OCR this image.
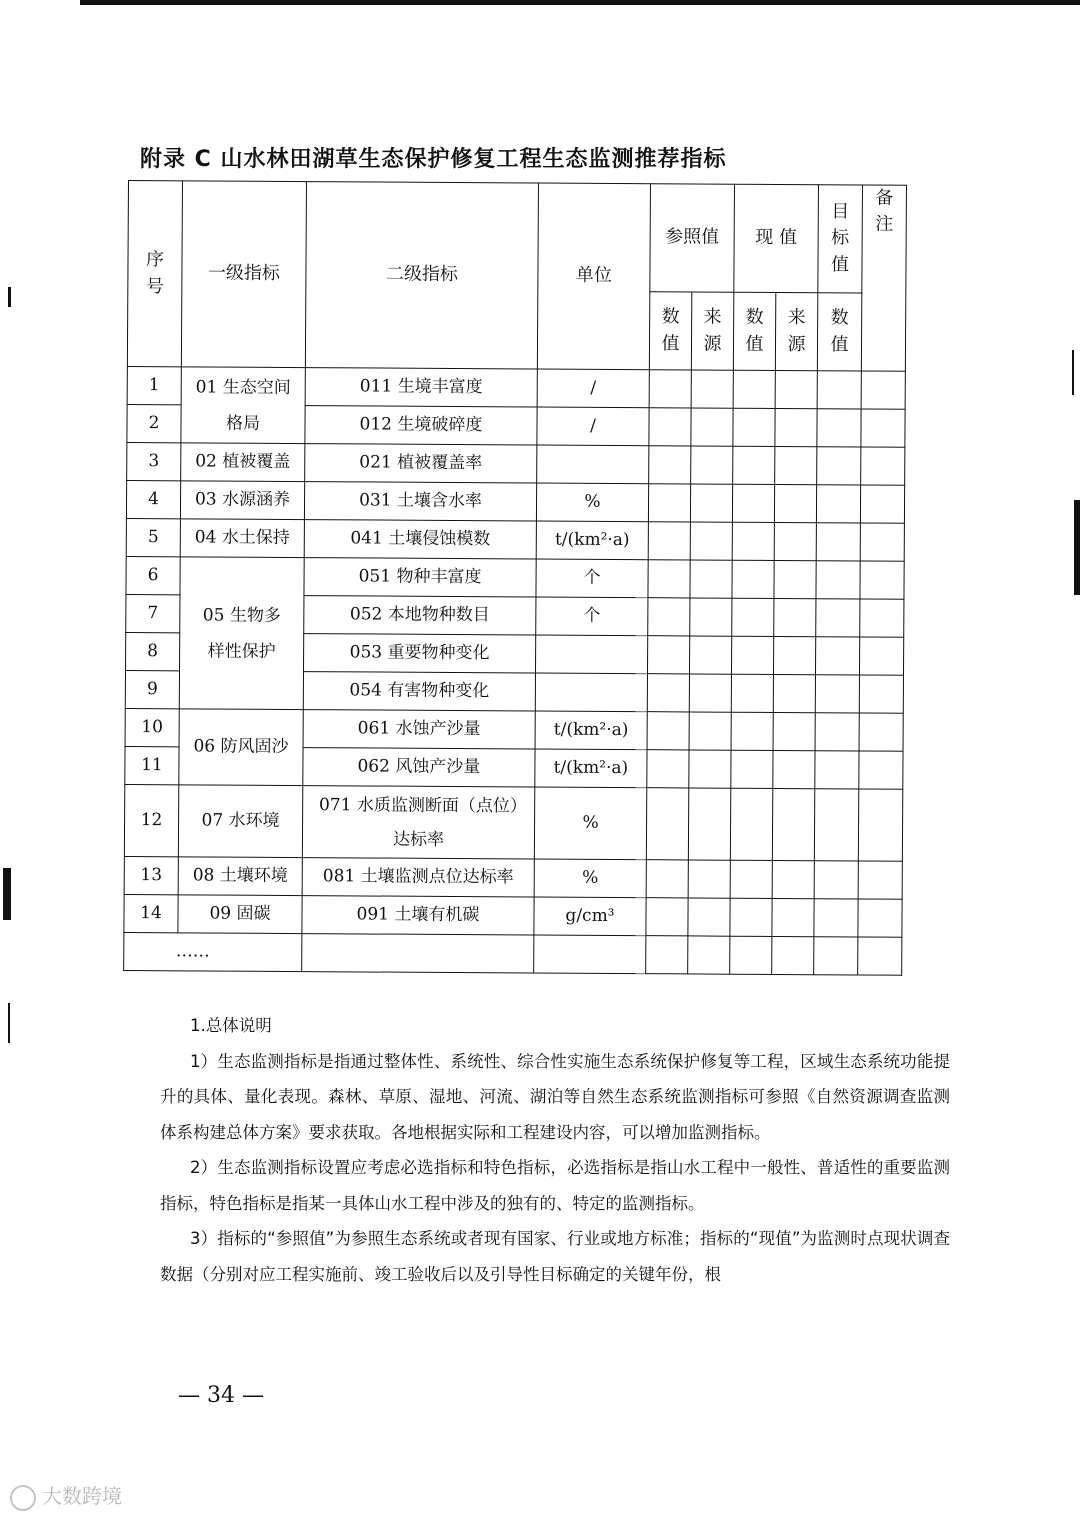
附录 C 山水林田湖草生态保护修复工程生态监测推荐指标
序号	一级指标	二级指标	单位	参照值		现 值		目标值	备注
				数值	来源	数值	来源	数值	
1	01 生态空间格局	011 生境丰富度	/						
2		012 生境破碎度	/						
3	02 植被覆盖	021 植被覆盖率							
4	03 水源涵养	031 土壤含水率	%						
5	04 水土保持	041 土壤侵蚀模数	t/(km²·a)						
6	05 生物多样性保护	051 物种丰富度	个						
7		052 本地物种数目	个						
8		053 重要物种变化							
9		054 有害物种变化							
10	06 防风固沙	061 水蚀产沙量	t/(km²·a)						
11		062 风蚀产沙量	t/(km²·a)						
12	07 水环境	071 水质监测断面（点位）达标率	%						
13	08 土壤环境	081 土壤监测点位达标率	%						
14	09 固碳	091 土壤有机碳	g/cm³						
……									

1.总体说明

1）生态监测指标是指通过整体性、系统性、综合性实施生态系统保护修复等工程，区域生态系统功能提升的具体、量化表现。森林、草原、湿地、河流、湖泊等自然生态系统监测指标可参照《自然资源调查监测体系构建总体方案》要求获取。各地根据实际和工程建设内容，可以增加监测指标。

2）生态监测指标设置应考虑必选指标和特色指标，必选指标是指山水工程中一般性、普适性的重要监测指标，特色指标是指某一具体山水工程中涉及的独有的、特定的监测指标。

3）指标的“参照值”为参照生态系统或者现有国家、行业或地方标准；指标的“现值”为监测时点现状调查数据（分别对应工程实施前、竣工验收后以及引导性目标确定的关键年份，根

— 34 —
大数跨境
